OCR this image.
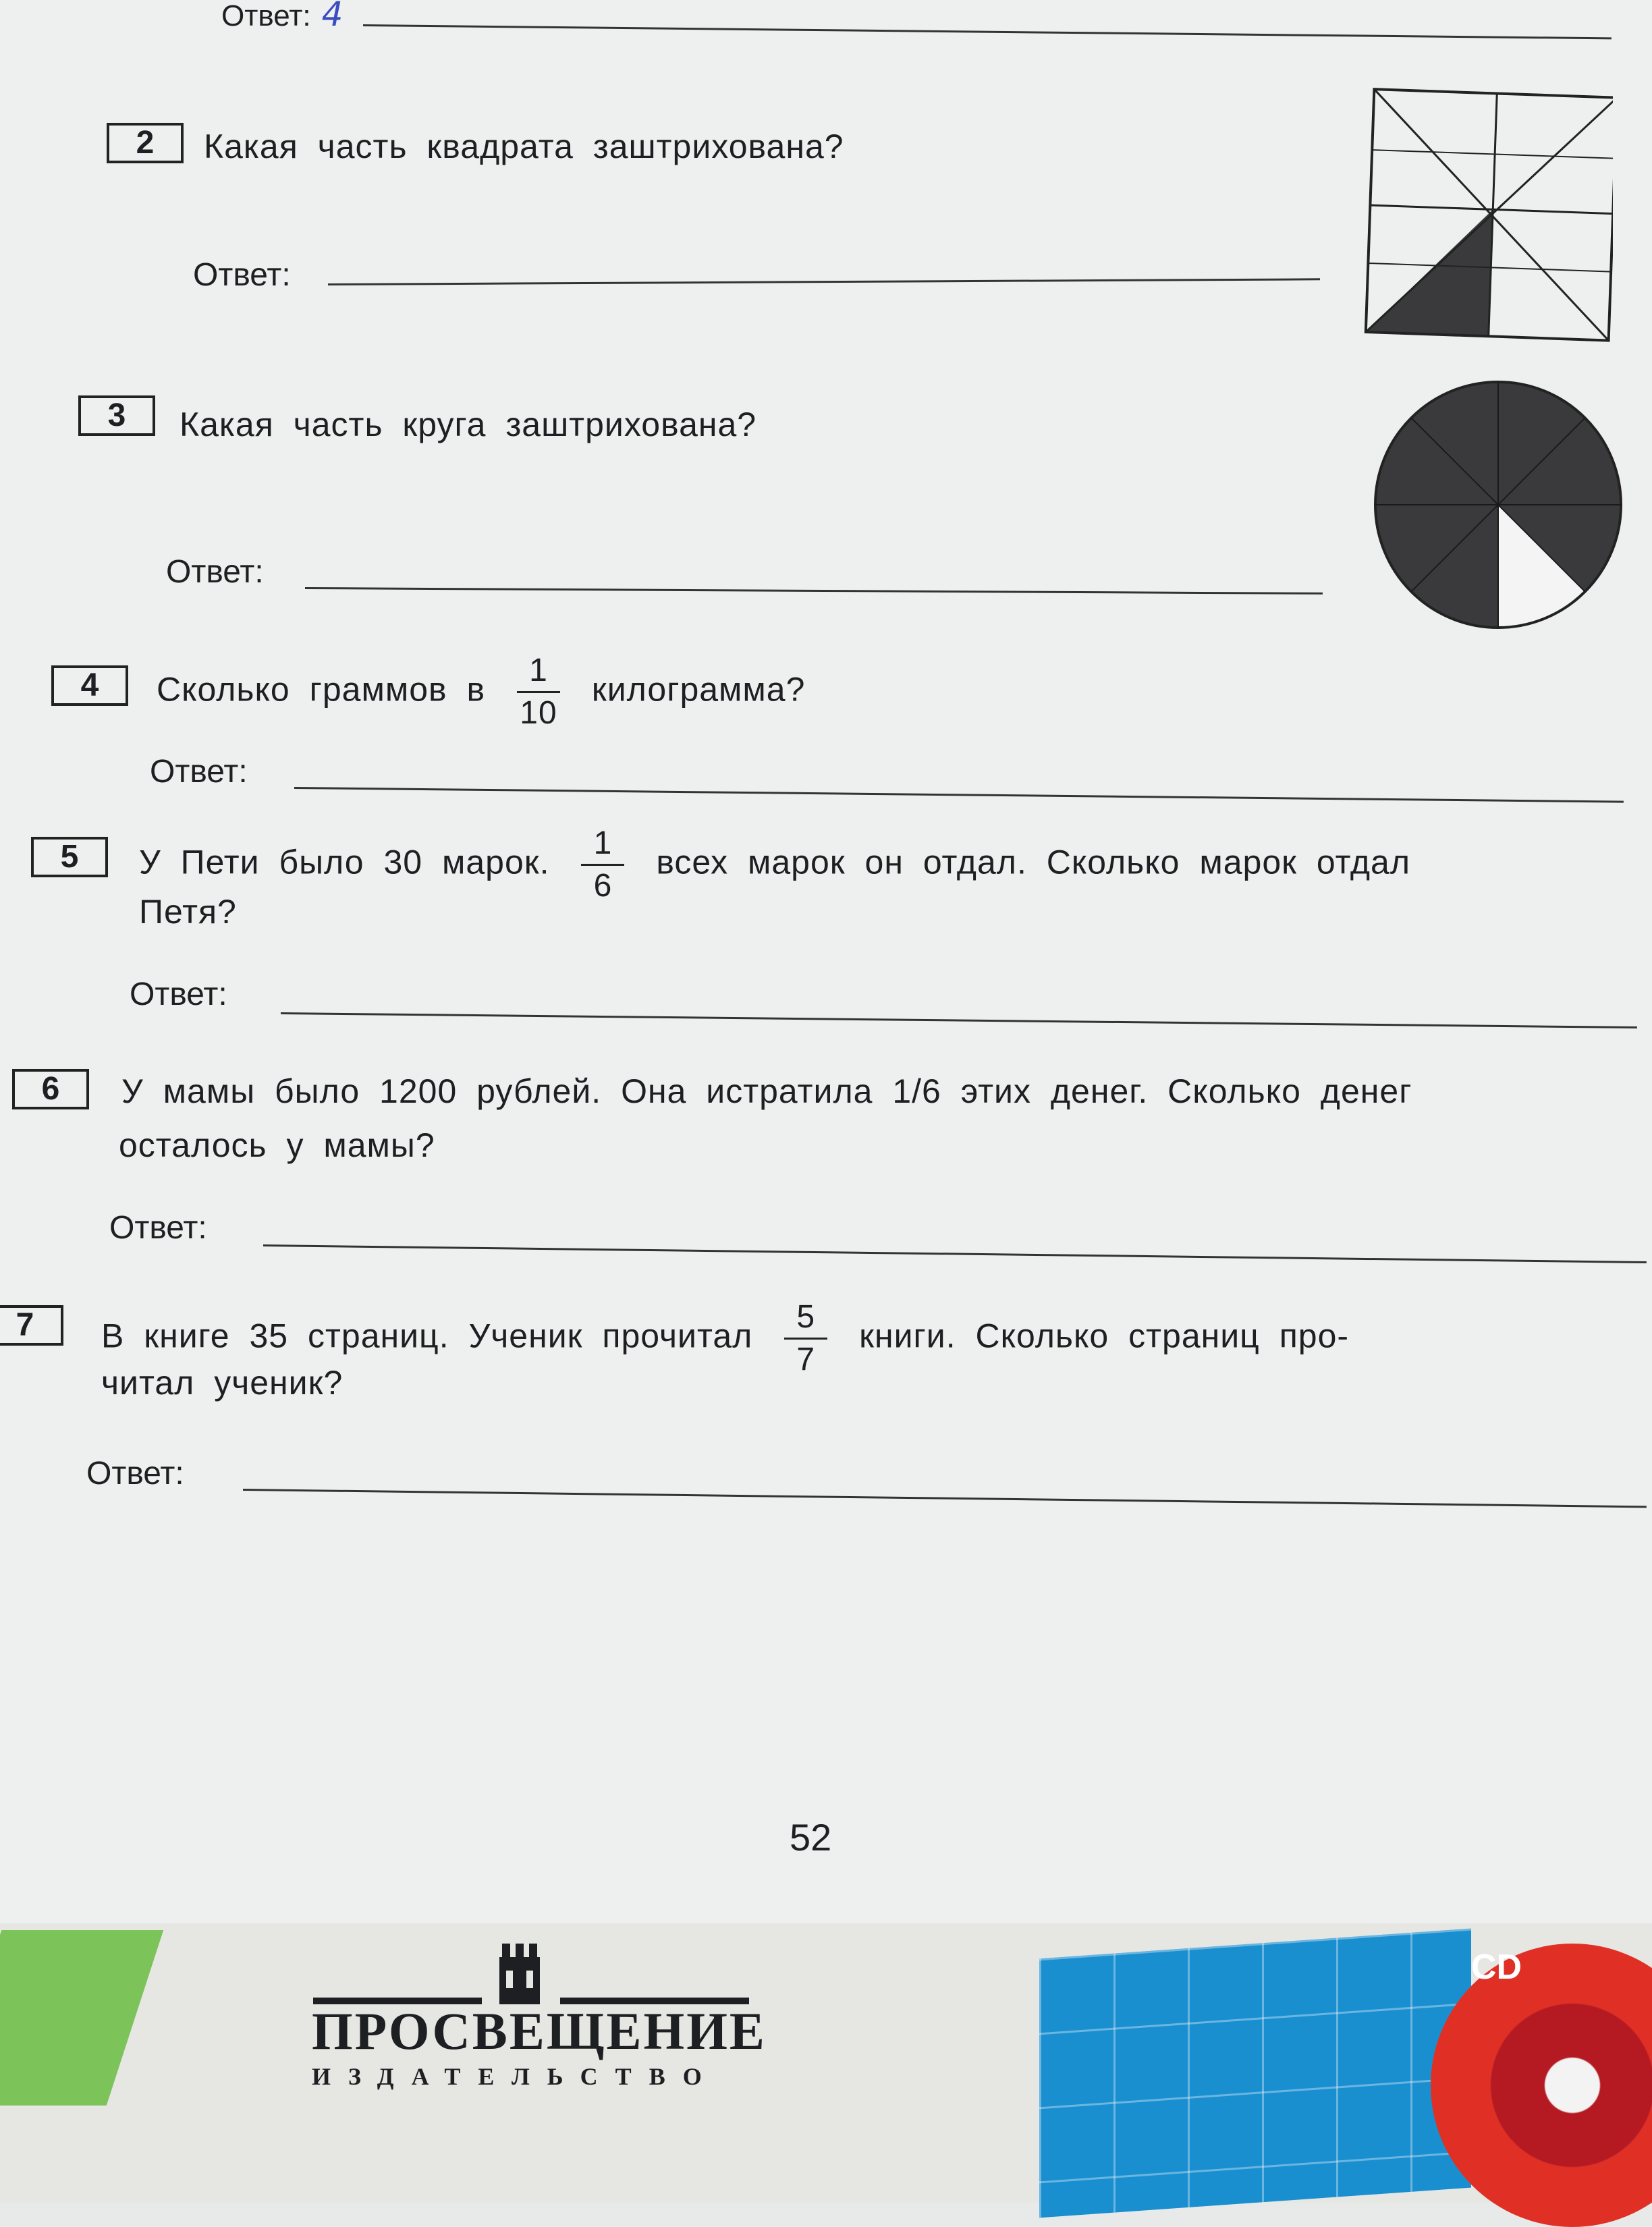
Ответ: 4
2	Какая часть квадрата заштрихована?
Ответ:
3	Какая часть круга заштрихована?
Ответ:
4	Сколько граммов в $\frac{1}{10}$ килограмма?
Ответ:
5	У Пети было 30 марок. $\frac{1}{6}$ всех марок он отдал. Сколько марок отдал
Петя?
Ответ:
6	У мамы было 1200 рублей. Она истратила 1/6 этих денег. Сколько денег
осталось у мамы?
Ответ:
7	В книге 35 страниц. Ученик прочитал $\frac{5}{7}$ книги. Сколько страниц про-
читал ученик?
Ответ:
52
CD
ПРОСВЕЩЕНИЕ
ИЗДАТЕЛЬСТВО
